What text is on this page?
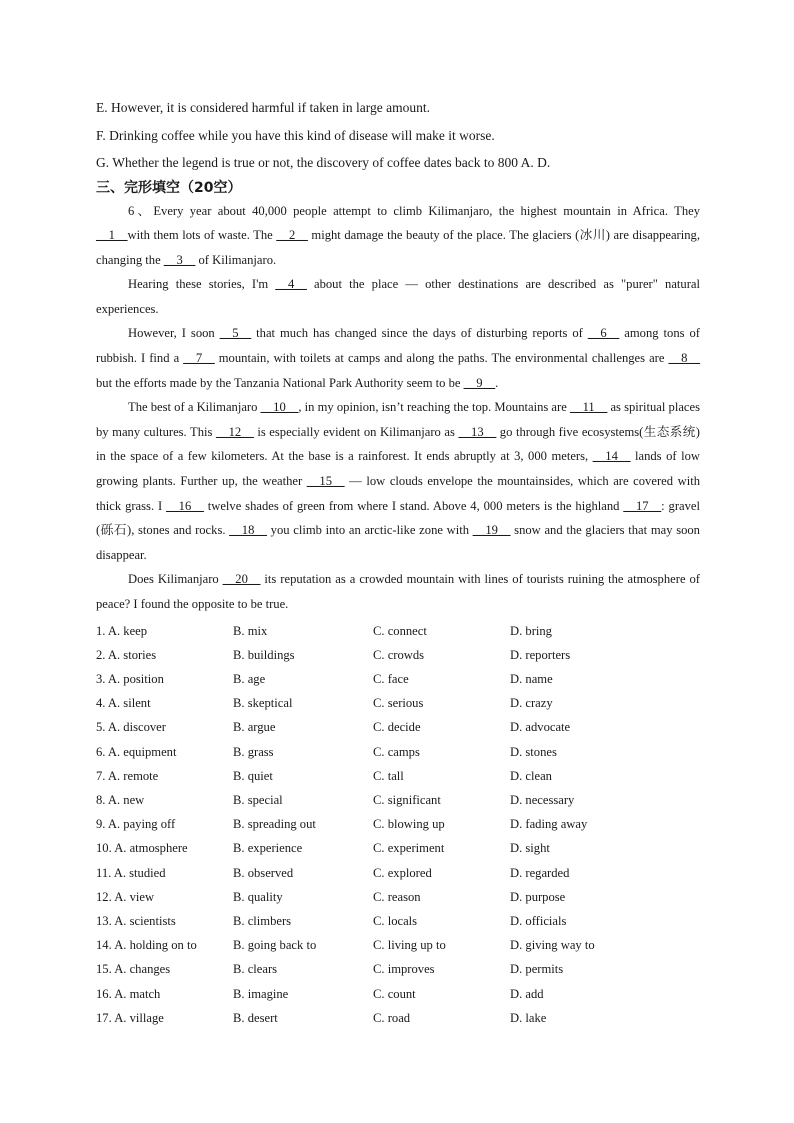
E. However, it is considered harmful if taken in large amount.
F. Drinking coffee while you have this kind of disease will make it worse.
G. Whether the legend is true or not, the discovery of coffee dates back to 800 A. D.
三、完形填空（20空）

6、Every year about 40,000 people attempt to climb Kilimanjaro, the highest mountain in Africa. They __1__with them lots of waste. The __2__ might damage the beauty of the place. The glaciers (冰川) are disappearing, changing the __3__ of Kilimanjaro.

Hearing these stories, I'm __4__ about the place — other destinations are described as "purer" natural experiences.

However, I soon __5__ that much has changed since the days of disturbing reports of __6__ among tons of rubbish. I find a __7__ mountain, with toilets at camps and along the paths. The environmental challenges are __8__ but the efforts made by the Tanzania National Park Authority seem to be __9__.

The best of a Kilimanjaro __10__, in my opinion, isn’t reaching the top. Mountains are __11__ as spiritual places by many cultures. This __12__ is especially evident on Kilimanjaro as __13__ go through five ecosystems(生态系统) in the space of a few kilometers. At the base is a rainforest. It ends abruptly at 3, 000 meters, __14__ lands of low growing plants. Further up, the weather __15__ — low clouds envelope the mountainsides, which are covered with thick grass. I __16__ twelve shades of green from where I stand. Above 4, 000 meters is the highland __17__: gravel (砾石), stones and rocks. __18__ you climb into an arctic-like zone with __19__ snow and the glaciers that may soon disappear.

Does Kilimanjaro __20__ its reputation as a crowded mountain with lines of tourists ruining the atmosphere of peace? I found the opposite to be true.

1. A. keep	B. mix	C. connect	D. bring
2. A. stories	B. buildings	C. crowds	D. reporters
3. A. position	B. age	C. face	D. name
4. A. silent	B. skeptical	C. serious	D. crazy
5. A. discover	B. argue	C. decide	D. advocate
6. A. equipment	B. grass	C. camps	D. stones
7. A. remote	B. quiet	C. tall	D. clean
8. A. new	B. special	C. significant	D. necessary
9. A. paying off	B. spreading out	C. blowing up	D. fading away
10. A. atmosphere	B. experience	C. experiment	D. sight
11. A. studied	B. observed	C. explored	D. regarded
12. A. view	B. quality	C. reason	D. purpose
13. A. scientists	B. climbers	C. locals	D. officials
14. A. holding on to	B. going back to	C. living up to	D. giving way to
15. A. changes	B. clears	C. improves	D. permits
16. A. match	B. imagine	C. count	D. add
17. A. village	B. desert	C. road	D. lake
